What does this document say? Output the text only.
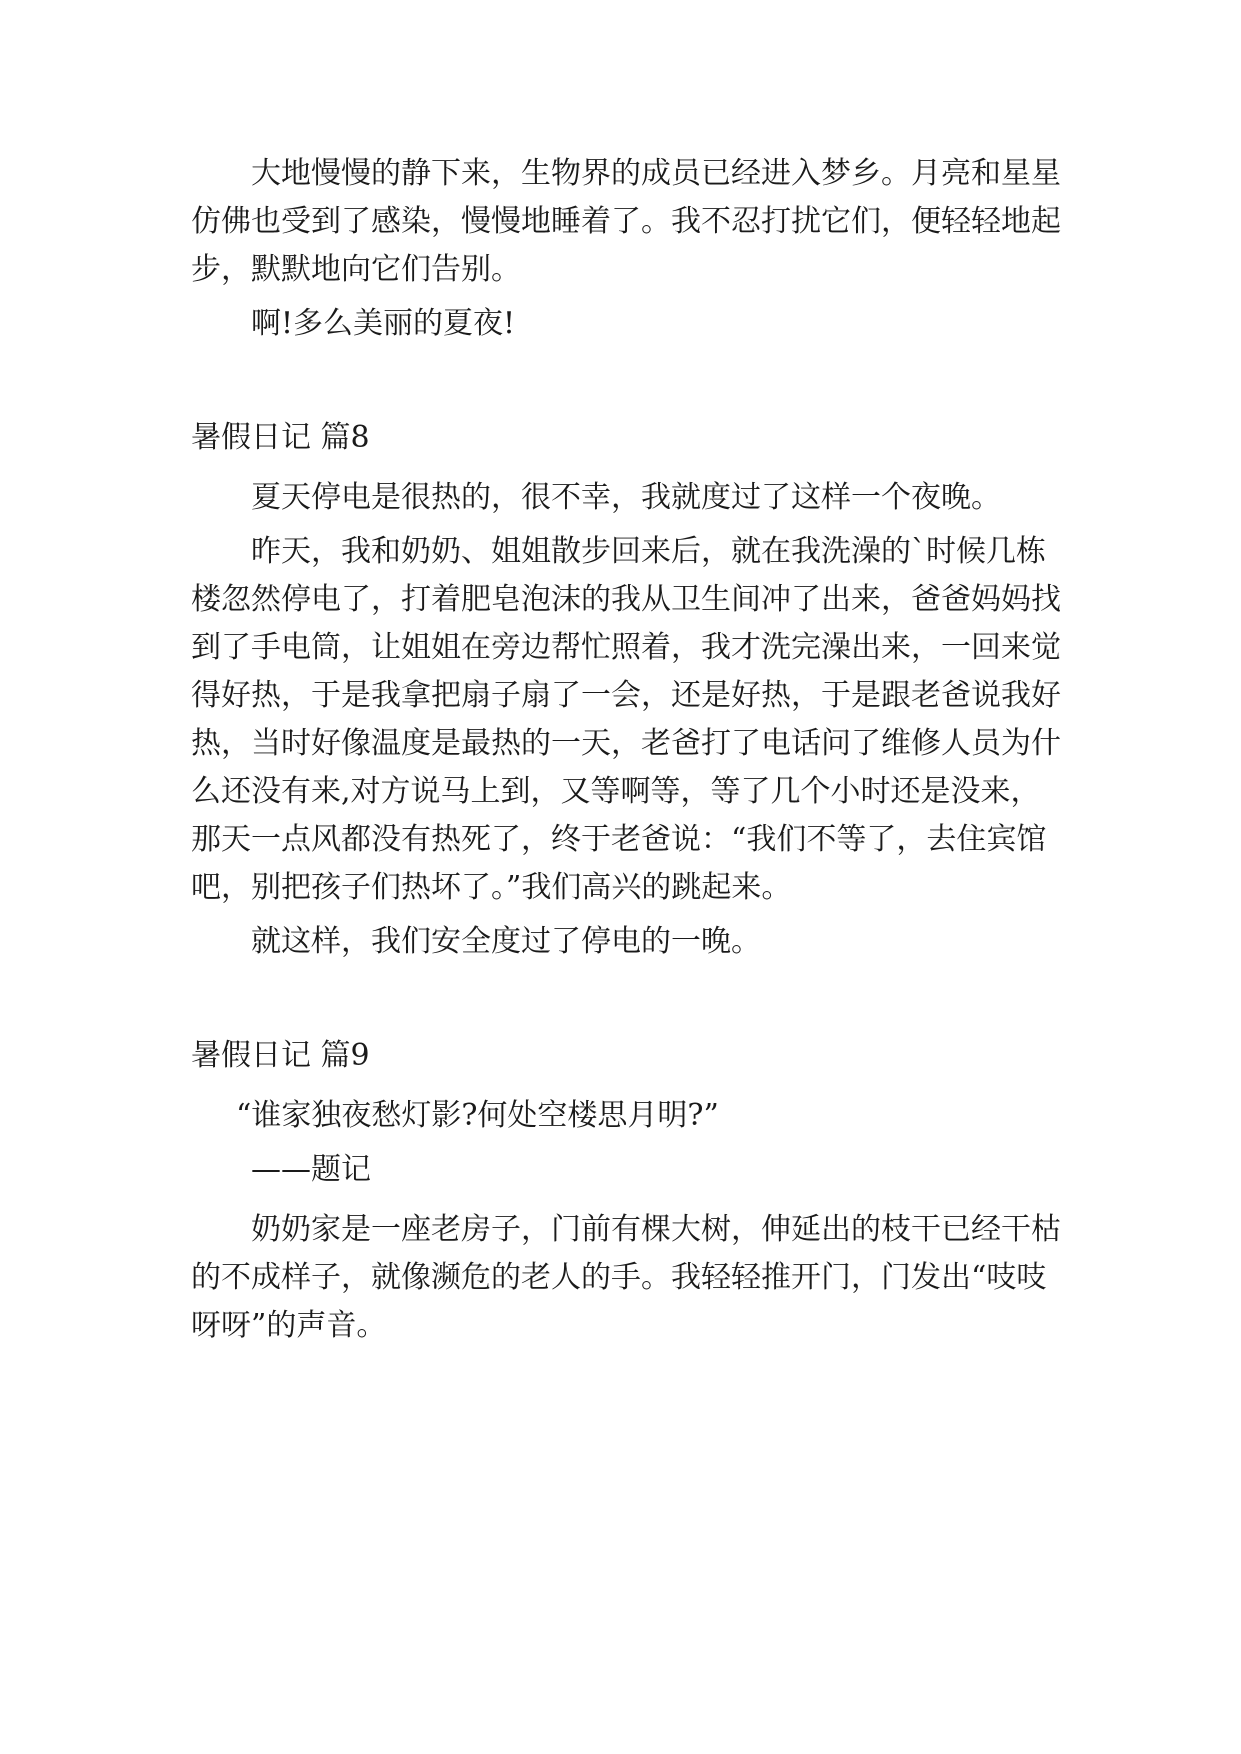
大地慢慢的静下来，生物界的成员已经进入梦乡。月亮和星星仿佛也受到了感染，慢慢地睡着了。我不忍打扰它们，便轻轻地起步，默默地向它们告别。

啊!多么美丽的夏夜!

暑假日记 篇8

夏天停电是很热的，很不幸，我就度过了这样一个夜晚。

昨天，我和奶奶、姐姐散步回来后，就在我洗澡的`时候几栋楼忽然停电了，打着肥皂泡沫的我从卫生间冲了出来，爸爸妈妈找到了手电筒，让姐姐在旁边帮忙照着，我才洗完澡出来，一回来觉得好热，于是我拿把扇子扇了一会，还是好热，于是跟老爸说我好热，当时好像温度是最热的一天，老爸打了电话问了维修人员为什么还没有来,对方说马上到，又等啊等，等了几个小时还是没来，那天一点风都没有热死了，终于老爸说：“我们不等了，去住宾馆吧，别把孩子们热坏了。”我们高兴的跳起来。

就这样，我们安全度过了停电的一晚。

暑假日记 篇9

“谁家独夜愁灯影?何处空楼思月明?”

——题记

奶奶家是一座老房子，门前有棵大树，伸延出的枝干已经干枯的不成样子，就像濒危的老人的手。我轻轻推开门，门发出“吱吱呀呀”的声音。
